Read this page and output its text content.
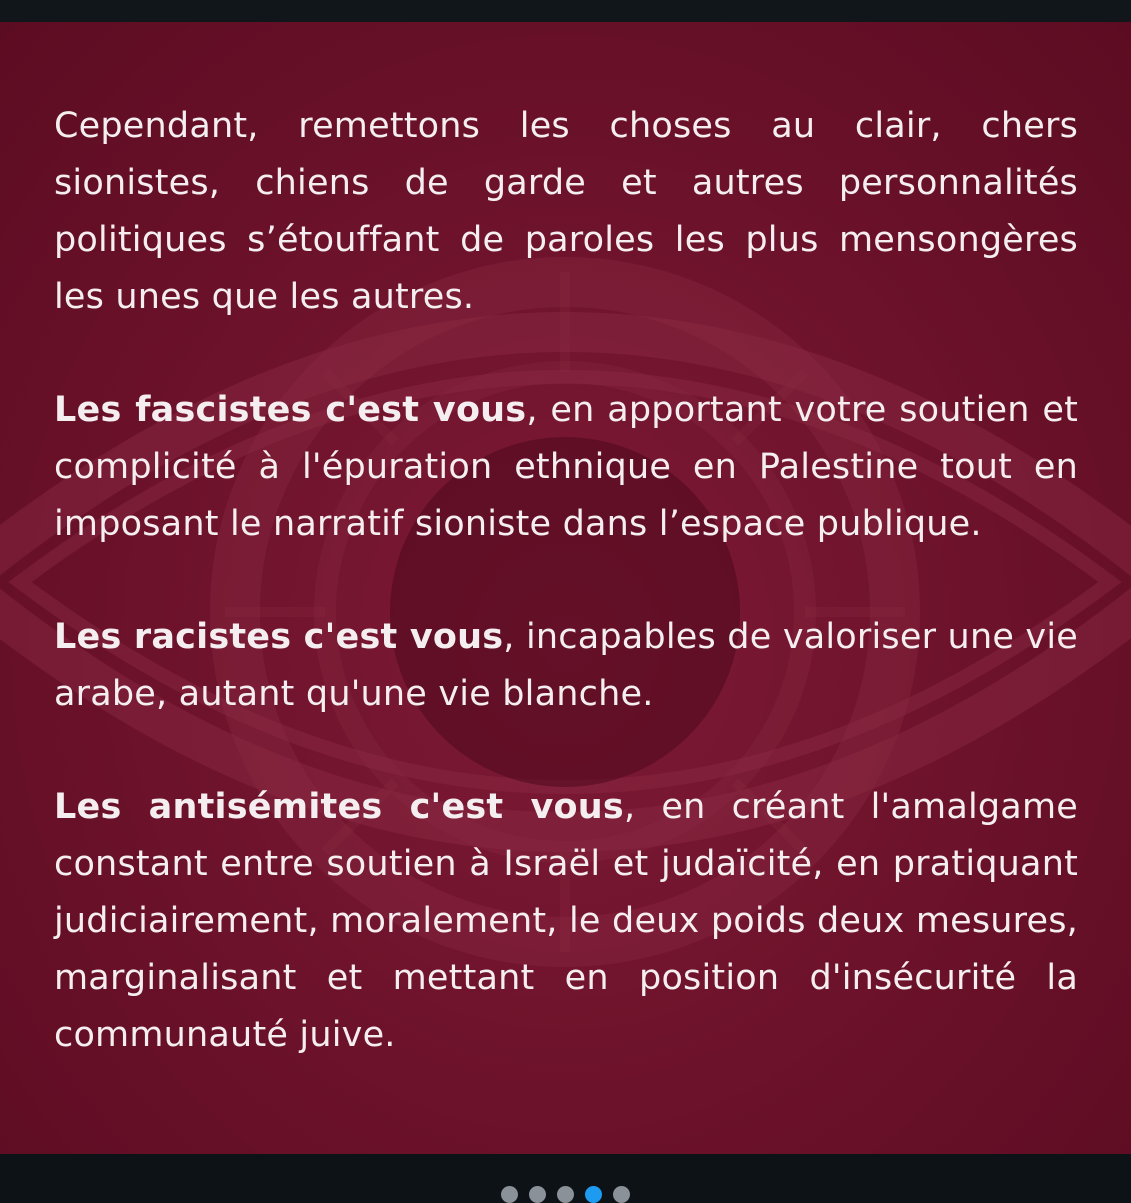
Cependant, remettons les choses au clair, chers sionistes, chiens de garde et autres personnalités politiques s’étouffant de paroles les plus mensongères les unes que les autres.

Les fascistes c'est vous, en apportant votre soutien et complicité à l'épuration ethnique en Palestine tout en imposant le narratif sioniste dans l’espace publique.

Les racistes c'est vous, incapables de valoriser une vie arabe, autant qu'une vie blanche.

Les antisémites c'est vous, en créant l'amalgame constant entre soutien à Israël et judaïcité, en pratiquant judiciairement, moralement, le deux poids deux mesures, marginalisant et mettant en position d'insécurité la communauté juive.
